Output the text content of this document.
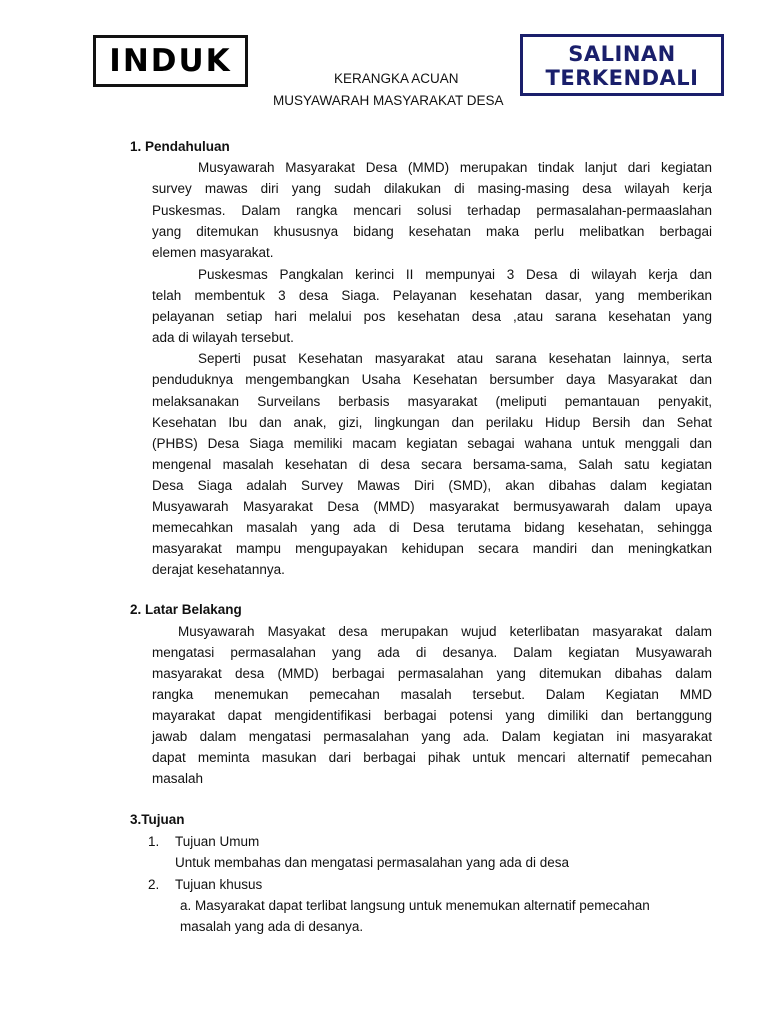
INDUK	SALINAN
TERKENDALI
KERANGKA ACUAN
MUSYAWARAH MASYARAKAT DESA
1. Pendahuluan
Musyawarah Masyarakat Desa (MMD) merupakan tindak lanjut dari kegiatan
survey mawas diri yang sudah dilakukan di masing-masing desa wilayah kerja
Puskesmas. Dalam rangka mencari solusi terhadap permasalahan-permaaslahan
yang ditemukan khususnya bidang kesehatan maka perlu melibatkan berbagai
elemen masyarakat.
Puskesmas Pangkalan kerinci II mempunyai 3 Desa di wilayah kerja dan
telah membentuk 3 desa Siaga. Pelayanan kesehatan dasar, yang memberikan
pelayanan setiap hari melalui pos kesehatan desa ,atau sarana kesehatan yang
ada di wilayah tersebut.
Seperti pusat Kesehatan masyarakat atau sarana kesehatan lainnya, serta
penduduknya mengembangkan Usaha Kesehatan bersumber daya Masyarakat dan
melaksanakan Surveilans berbasis masyarakat (meliputi pemantauan penyakit,
Kesehatan Ibu dan anak, gizi, lingkungan dan perilaku Hidup Bersih dan Sehat
(PHBS) Desa Siaga memiliki macam kegiatan sebagai wahana untuk menggali dan
mengenal masalah kesehatan di desa secara bersama-sama, Salah satu kegiatan
Desa Siaga adalah Survey Mawas Diri (SMD), akan dibahas dalam kegiatan
Musyawarah Masyarakat Desa (MMD) masyarakat bermusyawarah dalam upaya
memecahkan masalah yang ada di Desa terutama bidang kesehatan, sehingga
masyarakat mampu mengupayakan kehidupan secara mandiri dan meningkatkan
derajat kesehatannya.
2. Latar Belakang
Musyawarah Masyakat desa merupakan wujud keterlibatan masyarakat dalam
mengatasi permasalahan yang ada di desanya. Dalam kegiatan Musyawarah
masyarakat desa (MMD) berbagai permasalahan yang ditemukan dibahas dalam
rangka menemukan pemecahan masalah tersebut. Dalam Kegiatan MMD
mayarakat dapat mengidentifikasi berbagai potensi yang dimiliki dan bertanggung
jawab dalam mengatasi permasalahan yang ada. Dalam kegiatan ini masyarakat
dapat meminta masukan dari berbagai pihak untuk mencari alternatif pemecahan
masalah
3.Tujuan
1. Tujuan Umum
Untuk membahas dan mengatasi permasalahan yang ada di desa
2. Tujuan khusus
a. Masyarakat dapat terlibat langsung untuk menemukan alternatif pemecahan
masalah yang ada di desanya.
